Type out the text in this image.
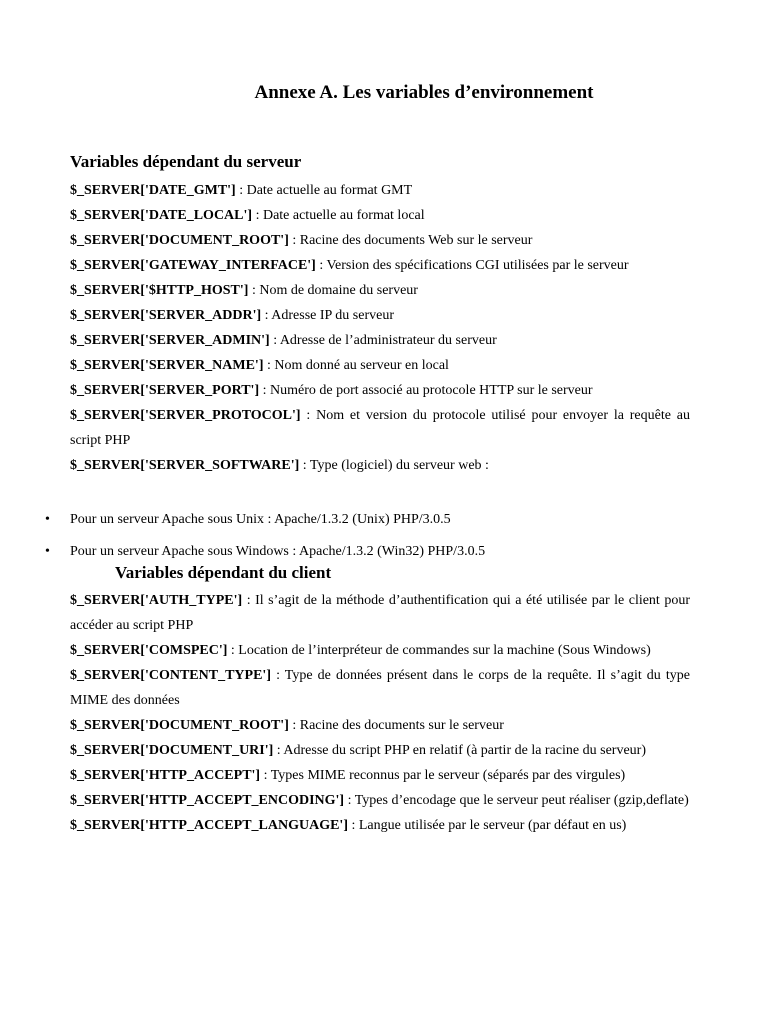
Annexe A. Les variables d’environnement
Variables dépendant du serveur

$_SERVER['DATE_GMT'] : Date actuelle au format GMT

$_SERVER['DATE_LOCAL'] : Date actuelle au format local

$_SERVER['DOCUMENT_ROOT'] : Racine des documents Web sur le serveur

$_SERVER['GATEWAY_INTERFACE'] : Version des spécifications CGI utilisées par le serveur

$_SERVER['$HTTP_HOST'] : Nom de domaine du serveur

$_SERVER['SERVER_ADDR'] : Adresse IP du serveur

$_SERVER['SERVER_ADMIN'] : Adresse de l’administrateur du serveur

$_SERVER['SERVER_NAME'] : Nom donné au serveur en local

$_SERVER['SERVER_PORT'] : Numéro de port associé au protocole HTTP sur le serveur

$_SERVER['SERVER_PROTOCOL'] : Nom et version du protocole utilisé pour envoyer la requête au script PHP

$_SERVER['SERVER_SOFTWARE'] : Type (logiciel) du serveur web :

• Pour un serveur Apache sous Unix : Apache/1.3.2 (Unix) PHP/3.0.5
• Pour un serveur Apache sous Windows : Apache/1.3.2 (Win32) PHP/3.0.5
Variables dépendant du client

$_SERVER['AUTH_TYPE'] : Il s’agit de la méthode d’authentification qui a été utilisée par le client pour accéder au script PHP

$_SERVER['COMSPEC'] : Location de l’interpréteur de commandes sur la machine (Sous Windows)

$_SERVER['CONTENT_TYPE'] : Type de données présent dans le corps de la requête. Il s’agit du type MIME des données

$_SERVER['DOCUMENT_ROOT'] : Racine des documents sur le serveur

$_SERVER['DOCUMENT_URI'] : Adresse du script PHP en relatif (à partir de la racine du serveur)

$_SERVER['HTTP_ACCEPT'] : Types MIME reconnus par le serveur (séparés par des virgules)

$_SERVER['HTTP_ACCEPT_ENCODING'] : Types d’encodage que le serveur peut réaliser (gzip,deflate)

$_SERVER['HTTP_ACCEPT_LANGUAGE'] : Langue utilisée par le serveur (par défaut en us)
